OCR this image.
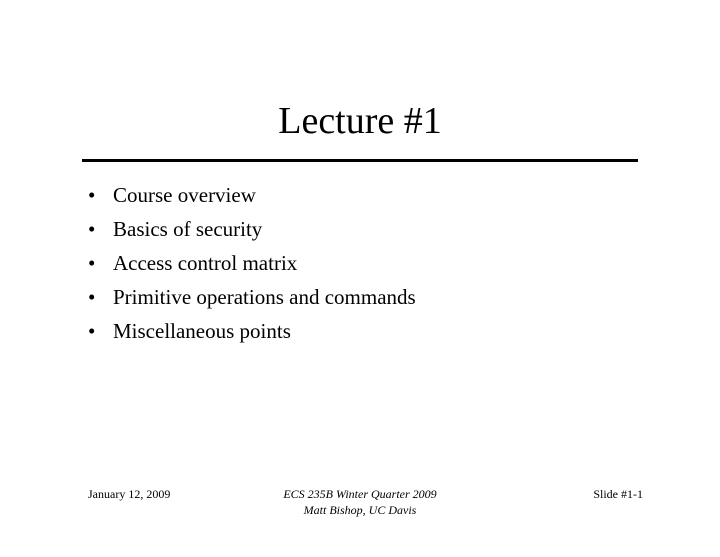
Lecture #1
• Course overview
• Basics of security
• Access control matrix
• Primitive operations and commands
• Miscellaneous points
January 12, 2009	ECS 235B Winter Quarter 2009
Matt Bishop, UC Davis
Slide #1-1
